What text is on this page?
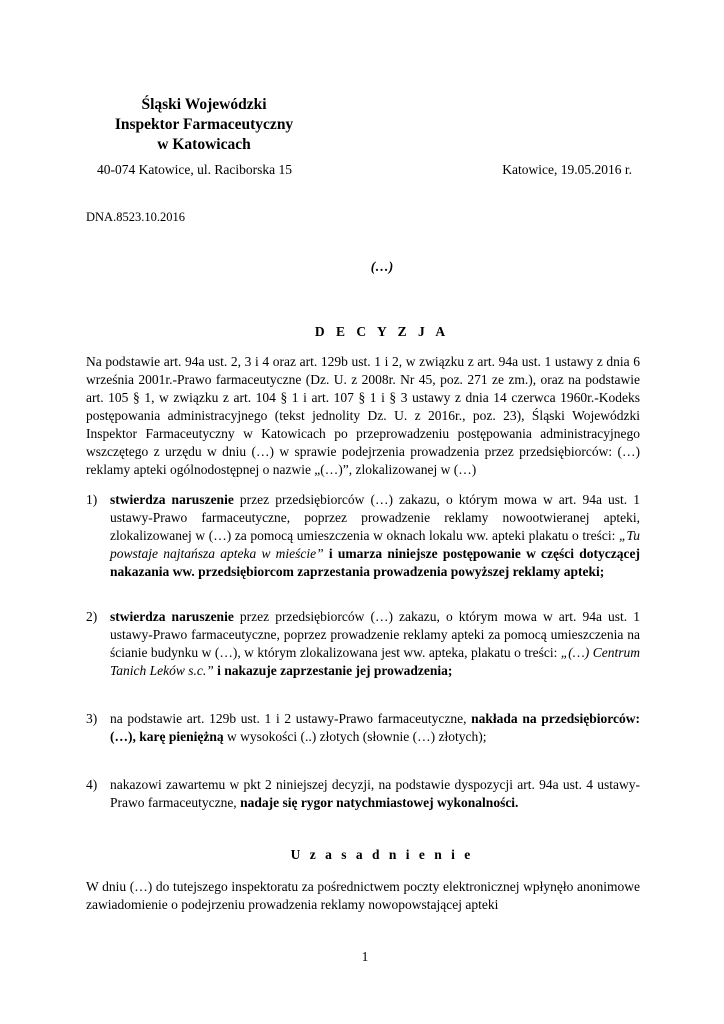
Śląski Wojewódzki
Inspektor Farmaceutyczny
w Katowicach
40-074 Katowice, ul. Raciborska 15	Katowice, 19.05.2016 r.
DNA.8523.10.2016
(…)
D E C Y Z J A
Na podstawie art. 94a ust. 2, 3 i 4 oraz art. 129b ust. 1 i 2, w związku z art. 94a ust. 1 ustawy z dnia 6 września 2001r.-Prawo farmaceutyczne (Dz. U. z 2008r. Nr 45, poz. 271 ze zm.), oraz na podstawie art. 105 § 1, w związku z art. 104 § 1 i art. 107 § 1 i § 3 ustawy z dnia 14 czerwca 1960r.-Kodeks postępowania administracyjnego (tekst jednolity Dz. U. z 2016r., poz. 23), Śląski Wojewódzki Inspektor Farmaceutyczny w Katowicach po przeprowadzeniu postępowania administracyjnego wszczętego z urzędu w dniu (…) w sprawie podejrzenia prowadzenia przez przedsiębiorców: (…) reklamy apteki ogólnodostępnej o nazwie „(…)”, zlokalizowanej w (…)
1) stwierdza naruszenie przez przedsiębiorców (…) zakazu, o którym mowa w art. 94a ust. 1 ustawy-Prawo farmaceutyczne, poprzez prowadzenie reklamy nowootwieranej apteki, zlokalizowanej w (…) za pomocą umieszczenia w oknach lokalu ww. apteki plakatu o treści: „Tu powstaje najtańsza apteka w mieście” i umarza niniejsze postępowanie w części dotyczącej nakazania ww. przedsiębiorcom zaprzestania prowadzenia powyższej reklamy apteki;
2) stwierdza naruszenie przez przedsiębiorców (…) zakazu, o którym mowa w art. 94a ust. 1 ustawy-Prawo farmaceutyczne, poprzez prowadzenie reklamy apteki za pomocą umieszczenia na ścianie budynku w (…), w którym zlokalizowana jest ww. apteka, plakatu o treści: „(…) Centrum Tanich Leków s.c.” i nakazuje zaprzestanie jej prowadzenia;
3) na podstawie art. 129b ust. 1 i 2 ustawy-Prawo farmaceutyczne, nakłada na przedsiębiorców: (…), karę pieniężną w wysokości (..) złotych (słownie (…) złotych);
4) nakazowi zawartemu w pkt 2 niniejszej decyzji, na podstawie dyspozycji art. 94a ust. 4 ustawy-Prawo farmaceutyczne, nadaje się rygor natychmiastowej wykonalności.
U z a s a d n i e n i e
W dniu (…) do tutejszego inspektoratu za pośrednictwem poczty elektronicznej wpłynęło anonimowe zawiadomienie o podejrzeniu prowadzenia reklamy nowopowstającej apteki
1
